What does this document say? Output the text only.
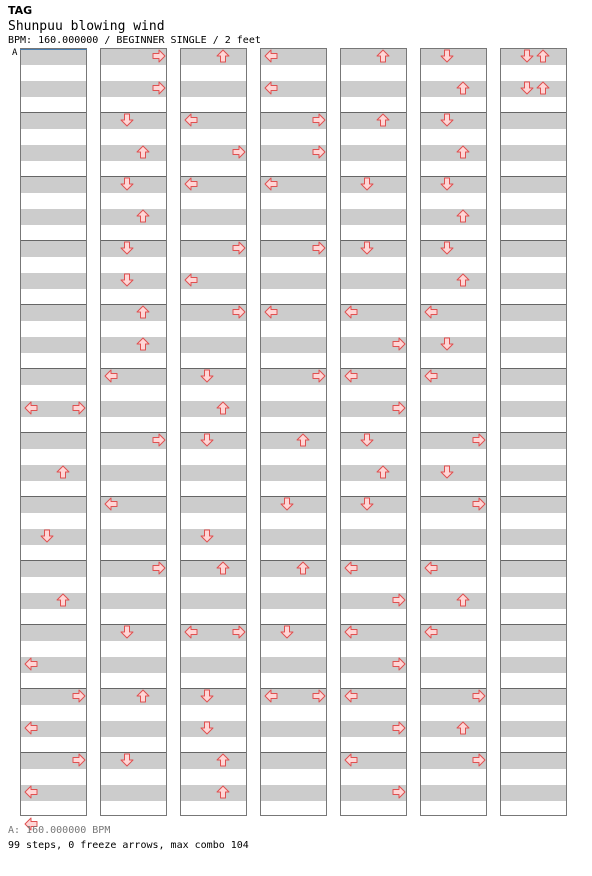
TAG
Shunpuu blowing wind
BPM: 160.000000 / BEGINNER SINGLE / 2 feet
A
A: 160.000000 BPM
99 steps, 0 freeze arrows, max combo 104
